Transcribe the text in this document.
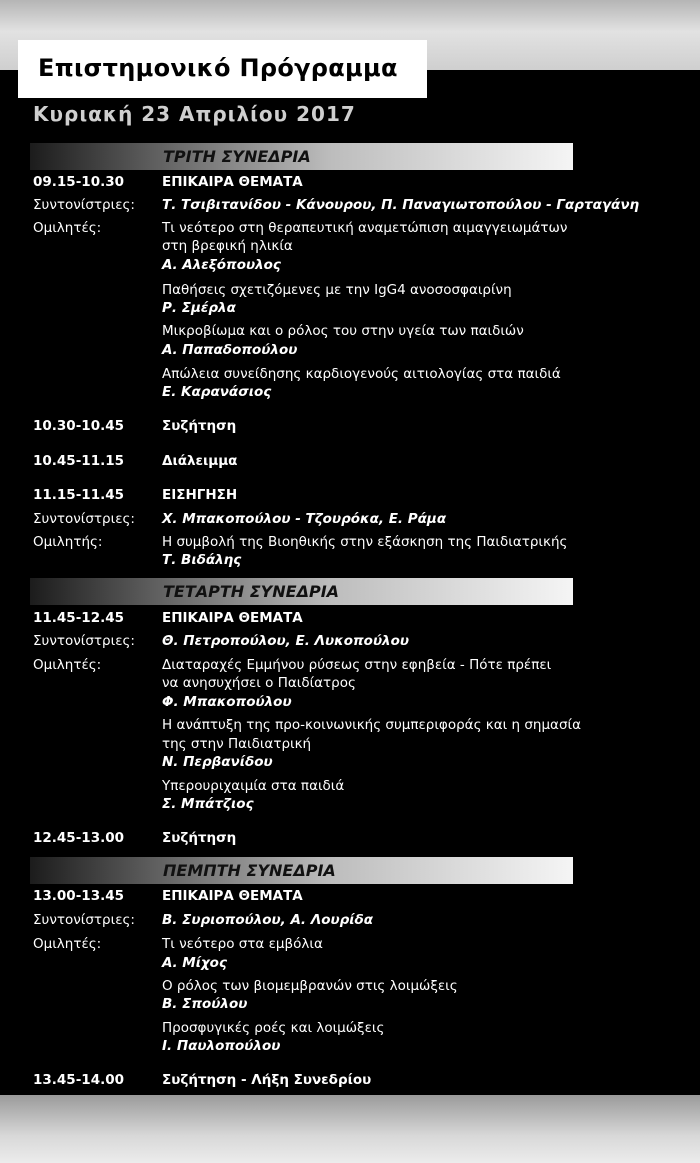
Επιστημονικό Πρόγραμμα
Κυριακή 23 Απριλίου 2017
ΤΡΙΤΗ ΣΥΝΕΔΡΙΑ
09.15-10.30	ΕΠΙΚΑΙΡΑ ΘΕΜΑΤΑ
Συντονίστριες: Τ. Τσιβιτανίδου - Κάνουρου, Π. Παναγιωτοπούλου - Γαρταγάνη
Ομιλητές:	Τι νεότερο στη θεραπευτική αναμετώπιση αιμαγγειωμάτων
στη βρεφική ηλικία
Α. Αλεξόπουλος
Παθήσεις σχετιζόμενες με την IgG4 ανοσοσφαιρίνη
Ρ. Σμέρλα
Μικροβίωμα και ο ρόλος του στην υγεία των παιδιών
Α. Παπαδοπούλου
Απώλεια συνείδησης καρδιογενούς αιτιολογίας στα παιδιά
Ε. Καρανάσιος
10.30-10.45	Συζήτηση
10.45-11.15	Διάλειμμα
11.15-11.45	ΕΙΣΗΓΗΣΗ
Συντονίστριες: Χ. Μπακοπούλου - Τζουρόκα, Ε. Ράμα
Ομιλητής:	Η συμβολή της Βιοηθικής στην εξάσκηση της Παιδιατρικής
Τ. Βιδάλης
ΤΕΤΑΡΤΗ ΣΥΝΕΔΡΙΑ
11.45-12.45	ΕΠΙΚΑΙΡΑ ΘΕΜΑΤΑ
Συντονίστριες: Θ. Πετροπούλου, Ε. Λυκοπούλου
Ομιλητές:	Διαταραχές Εμμήνου ρύσεως στην εφηβεία - Πότε πρέπει
να ανησυχήσει ο Παιδίατρος
Φ. Μπακοπούλου
Η ανάπτυξη της προ-κοινωνικής συμπεριφοράς και η σημασία
της στην Παιδιατρική
Ν. Περβανίδου
Υπερουριχαιμία στα παιδιά
Σ. Μπάτζιος
12.45-13.00	Συζήτηση
ΠΕΜΠΤΗ ΣΥΝΕΔΡΙΑ
13.00-13.45	ΕΠΙΚΑΙΡΑ ΘΕΜΑΤΑ
Συντονίστριες: Β. Συριοπούλου, Α. Λουρίδα
Ομιλητές:	Τι νεότερο στα εμβόλια
Α. Μίχος
Ο ρόλος των βιομεμβρανών στις λοιμώξεις
Β. Σπούλου
Προσφυγικές ροές και λοιμώξεις
Ι. Παυλοπούλου
13.45-14.00	Συζήτηση - Λήξη Συνεδρίου
